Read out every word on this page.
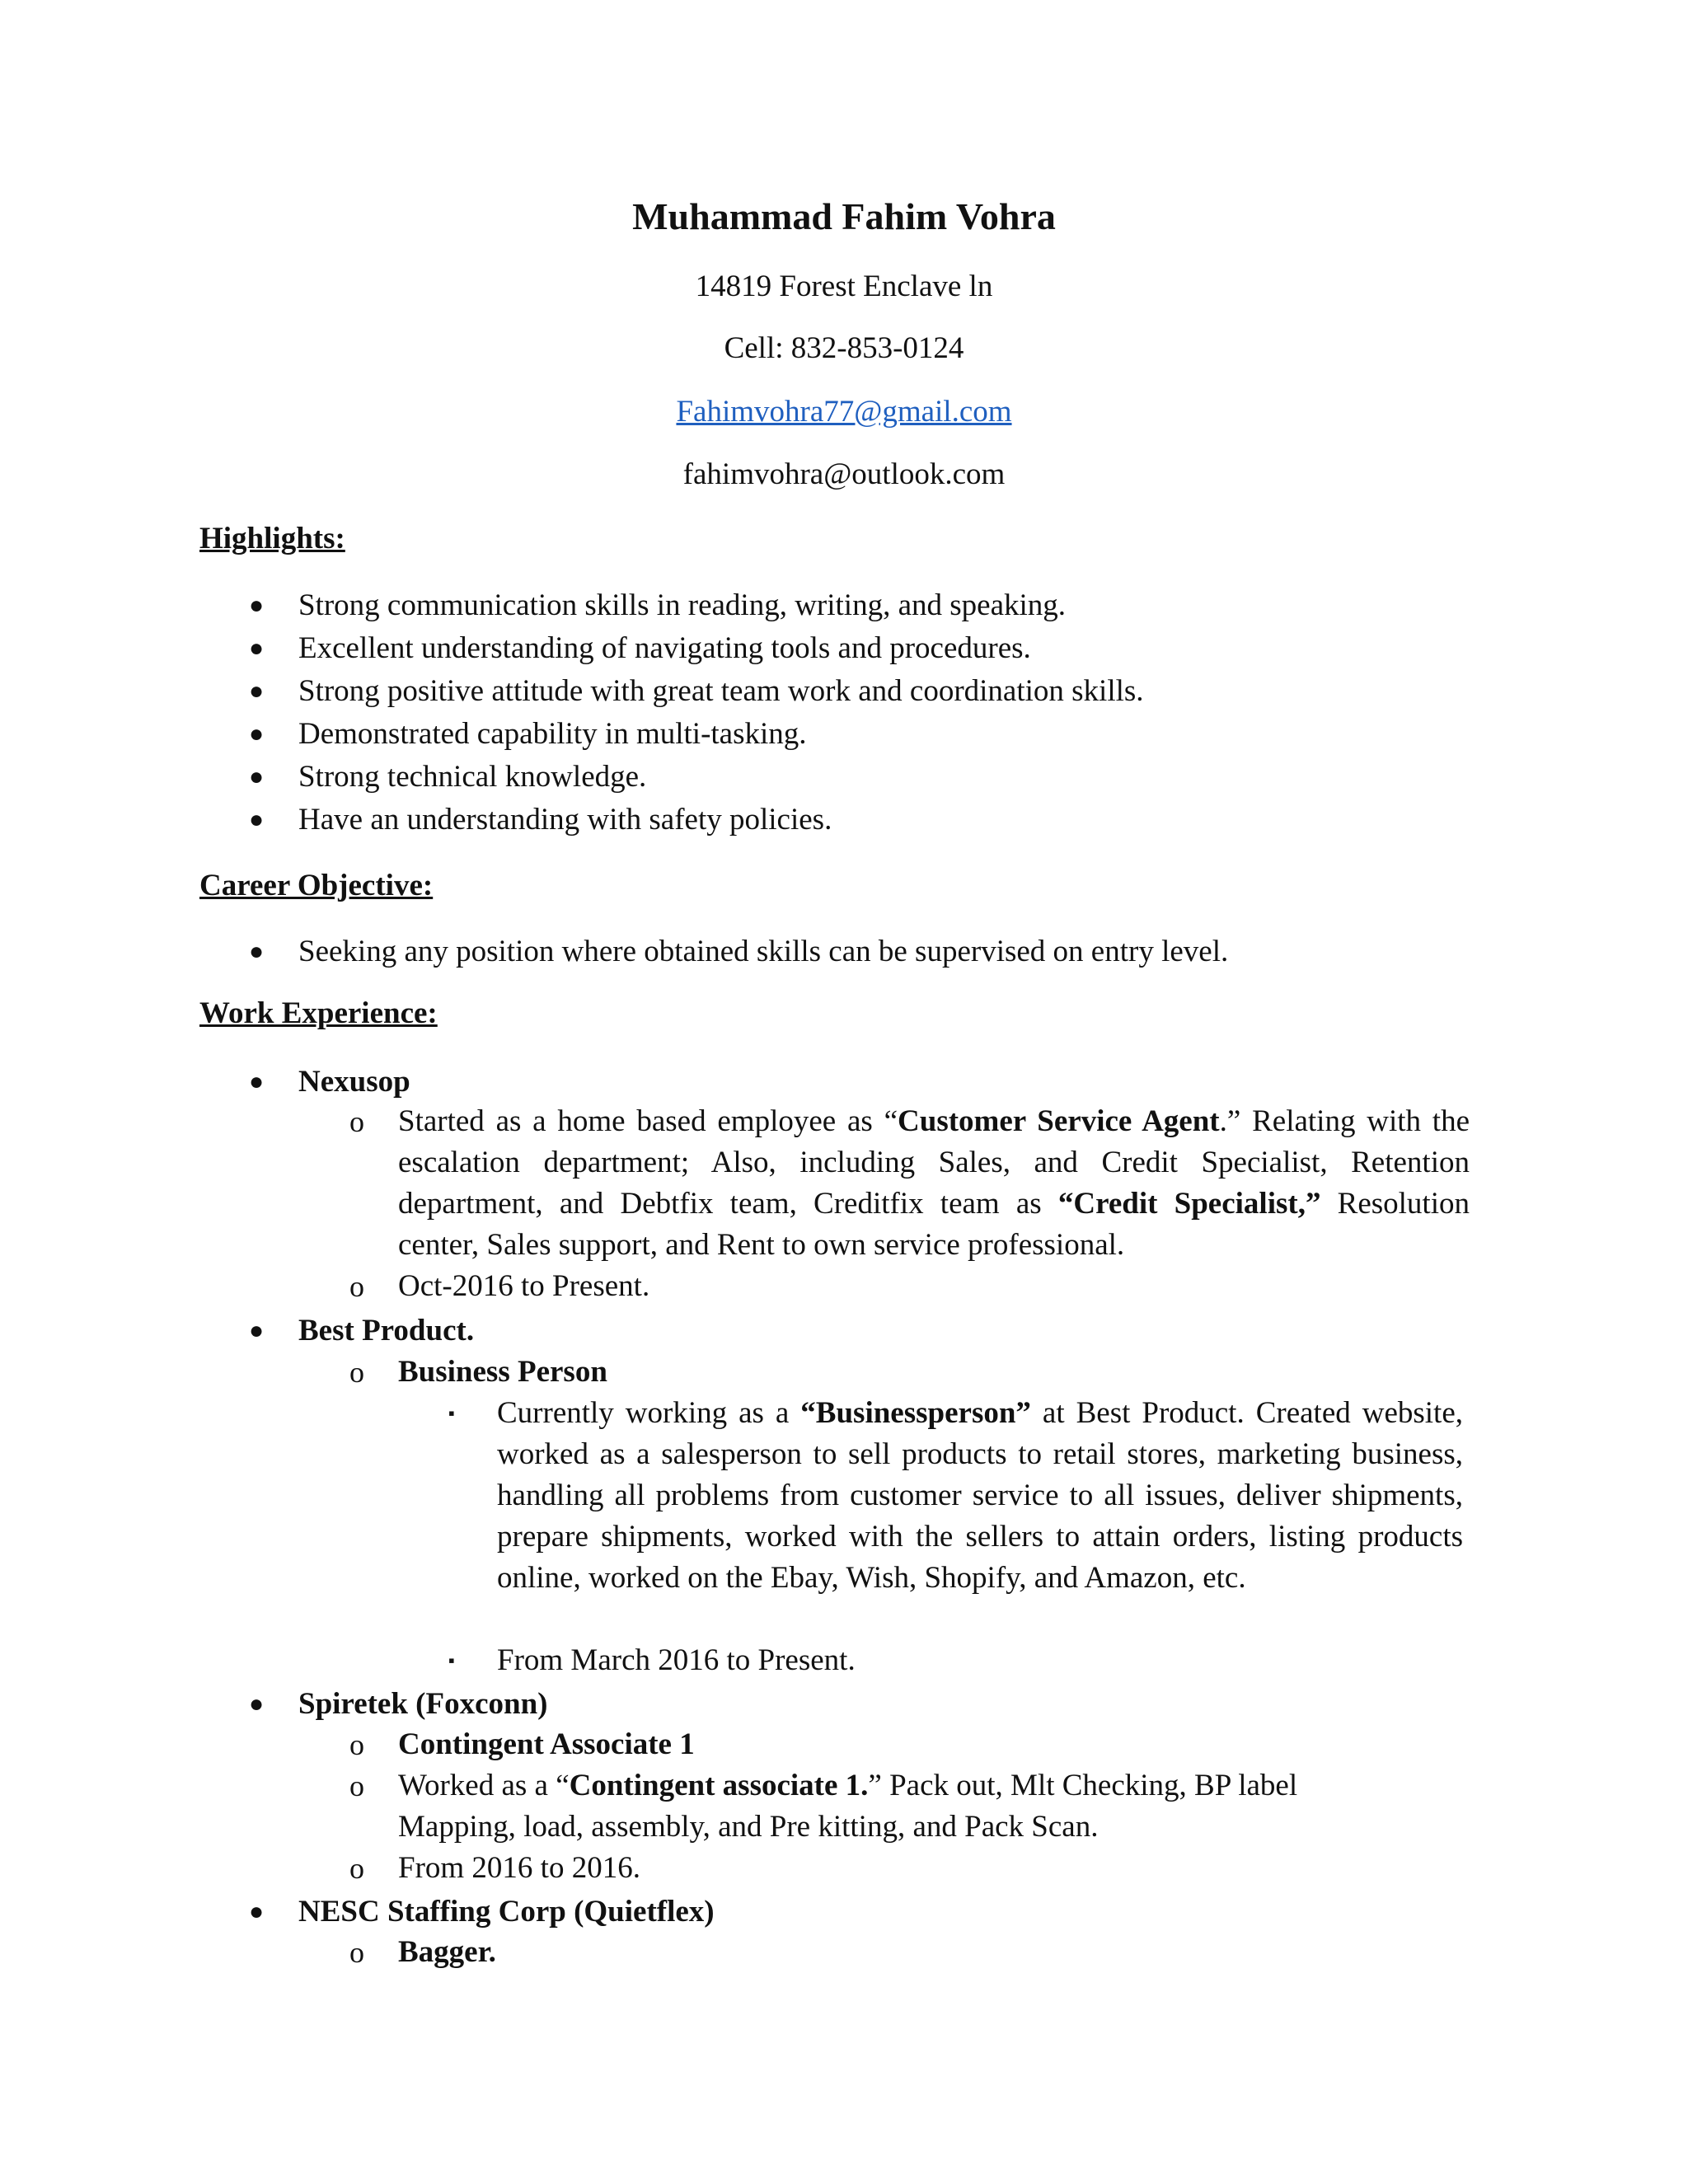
Muhammad Fahim Vohra
14819 Forest Enclave ln
Cell: 832-853-0124
Fahimvohra77@gmail.com
fahimvohra@outlook.com
Highlights:
● Strong communication skills in reading, writing, and speaking.
● Excellent understanding of navigating tools and procedures.
● Strong positive attitude with great team work and coordination skills.
● Demonstrated capability in multi-tasking.
● Strong technical knowledge.
● Have an understanding with safety policies.
Career Objective:
● Seeking any position where obtained skills can be supervised on entry level.
Work Experience:
● Nexusop
o Started as a home based employee as “Customer Service Agent.” Relating with the escalation department; Also, including Sales, and Credit Specialist, Retention department, and Debtfix team, Creditfix team as “Credit Specialist,” Resolution center, Sales support, and Rent to own service professional.
o Oct-2016 to Present.
● Best Product.
o Business Person
▪ Currently working as a “Businessperson” at Best Product. Created website, worked as a salesperson to sell products to retail stores, marketing business, handling all problems from customer service to all issues, deliver shipments, prepare shipments, worked with the sellers to attain orders, listing products online, worked on the Ebay, Wish, Shopify, and Amazon, etc.
▪ From March 2016 to Present.
● Spiretek (Foxconn)
o Contingent Associate 1
o Worked as a “Contingent associate 1.” Pack out, Mlt Checking, BP label Mapping, load, assembly, and Pre kitting, and Pack Scan.
o From 2016 to 2016.
● NESC Staffing Corp (Quietflex)
o Bagger.
